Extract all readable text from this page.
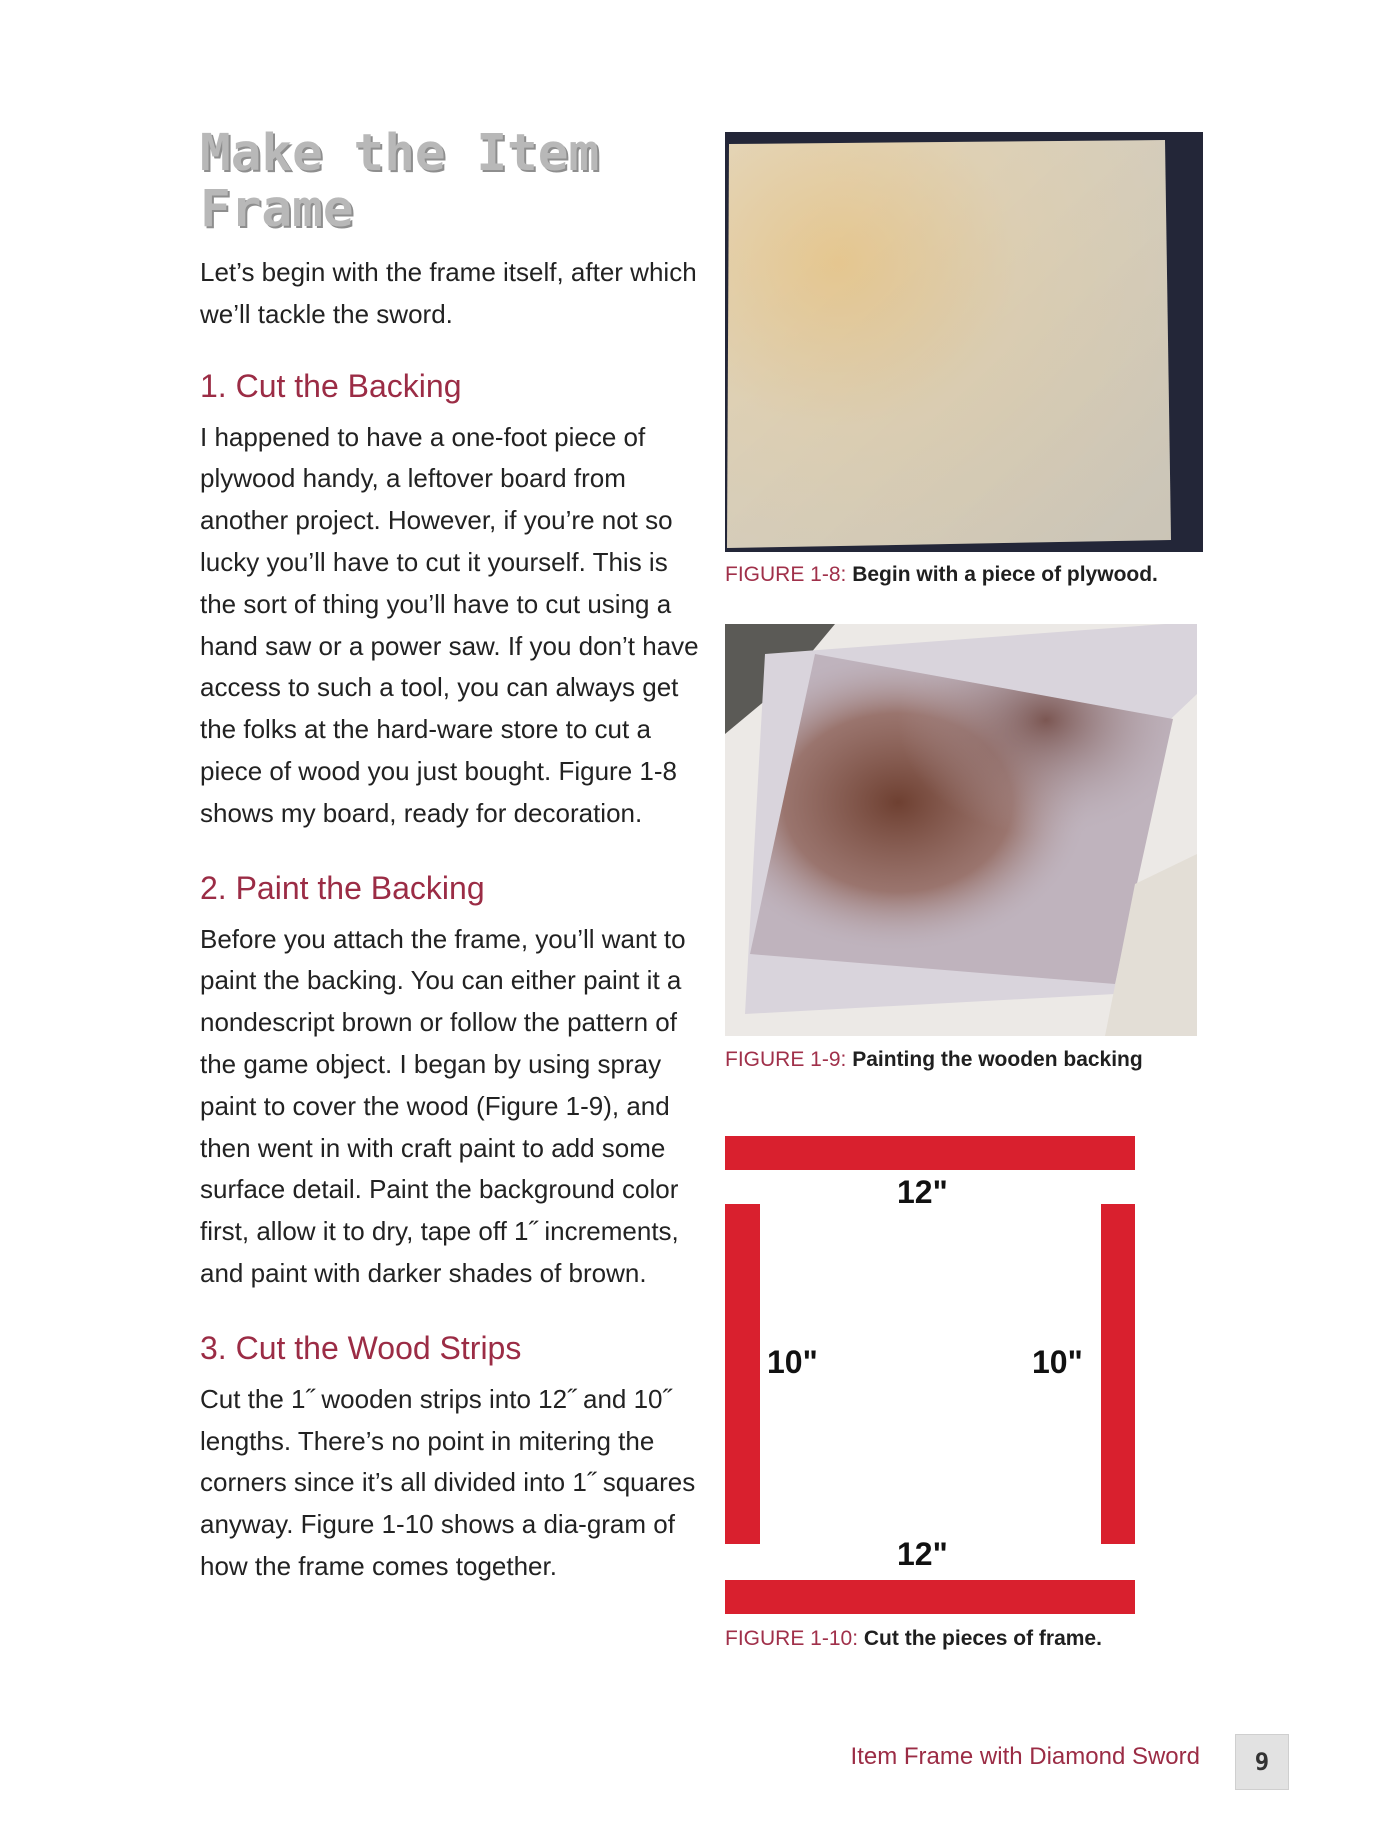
Make the Item Frame

Let’s begin with the frame itself, after which we’ll tackle the sword.

1. Cut the Backing

I happened to have a one-foot piece of plywood handy, a leftover board from another project. However, if you’re not so lucky you’ll have to cut it yourself. This is the sort of thing you’ll have to cut using a hand saw or a power saw. If you don’t have access to such a tool, you can always get the folks at the hard-ware store to cut a piece of wood you just bought. Figure 1-8 shows my board, ready for decoration.

2. Paint the Backing

Before you attach the frame, you’ll want to paint the backing. You can either paint it a nondescript brown or follow the pattern of the game object. I began by using spray paint to cover the wood (Figure 1-9), and then went in with craft paint to add some surface detail. Paint the background color first, allow it to dry, tape off 1˝ increments, and paint with darker shades of brown.

3. Cut the Wood Strips

Cut the 1˝ wooden strips into 12˝ and 10˝ lengths. There’s no point in mitering the corners since it’s all divided into 1˝ squares anyway. Figure 1-10 shows a dia-gram of how the frame comes together.

FIGURE 1-8: Begin with a piece of plywood.
FIGURE 1-9: Painting the wooden backing
12"
10"	10"
12"
FIGURE 1-10: Cut the pieces of frame.
Item Frame with Diamond Sword	9
